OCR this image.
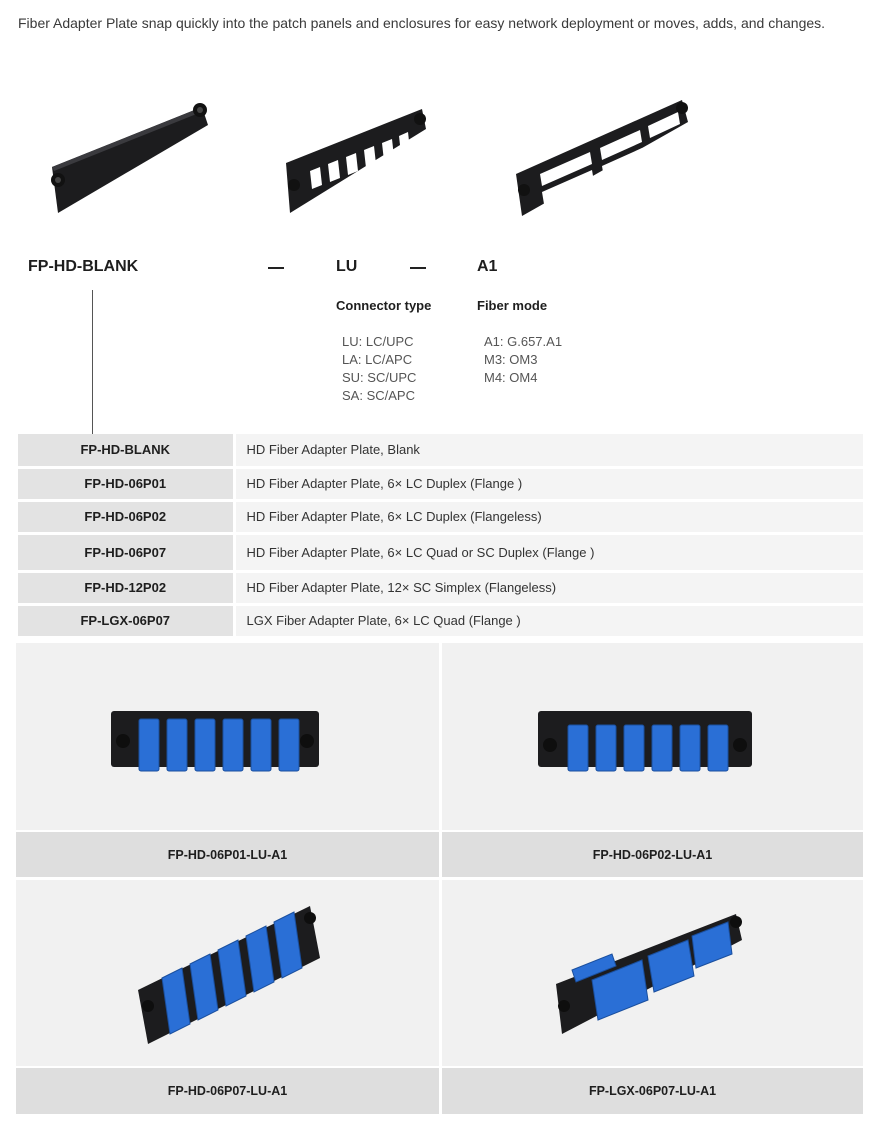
Fiber Adapter Plate snap quickly into the patch panels and enclosures for easy network deployment or moves, adds, and changes.

FP-HD-BLANK	LU	A1
Connector type	Fiber mode
LU: LC/UPC
LA: LC/APC
SU: SC/UPC
SA: SC/APC
A1: G.657.A1
M3: OM3
M4: OM4
FP-HD-BLANK	HD Fiber Adapter Plate, Blank
FP-HD-06P01	HD Fiber Adapter Plate, 6× LC Duplex (Flange )
FP-HD-06P02	HD Fiber Adapter Plate, 6× LC Duplex (Flangeless)
FP-HD-06P07	HD Fiber Adapter Plate, 6× LC Quad or SC Duplex (Flange )
FP-HD-12P02	HD Fiber Adapter Plate, 12× SC Simplex (Flangeless)
FP-LGX-06P07	LGX Fiber Adapter Plate, 6× LC Quad (Flange )
FP-HD-06P01-LU-A1	FP-HD-06P02-LU-A1
FP-HD-06P07-LU-A1	FP-LGX-06P07-LU-A1
